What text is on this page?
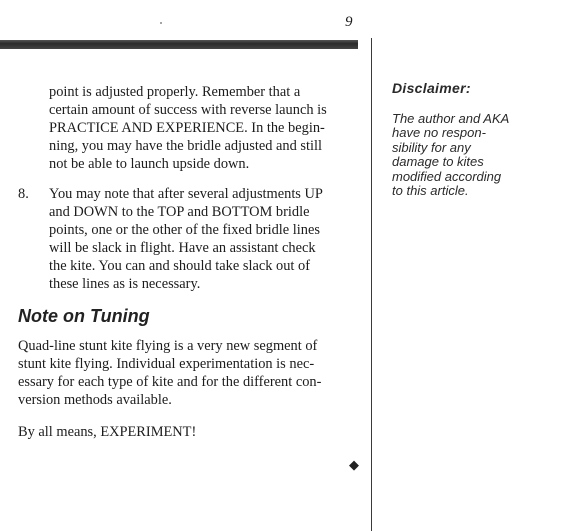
9
point is adjusted properly. Remember that a
certain amount of success with reverse launch is
PRACTICE AND EXPERIENCE. In the begin-
ning, you may have the bridle adjusted and still
not be able to launch upside down.
8. You may note that after several adjustments UP
and DOWN to the TOP and BOTTOM bridle
points, one or the other of the fixed bridle lines
will be slack in flight. Have an assistant check
the kite. You can and should take slack out of
these lines as is necessary.
Note on Tuning
Quad-line stunt kite flying is a very new segment of
stunt kite flying. Individual experimentation is nec-
essary for each type of kite and for the different con-
version methods available.
By all means, EXPERIMENT!
◆
Disclaimer:
The author and AKA
have no respon-
sibility for any
damage to kites
modified according
to this article.
